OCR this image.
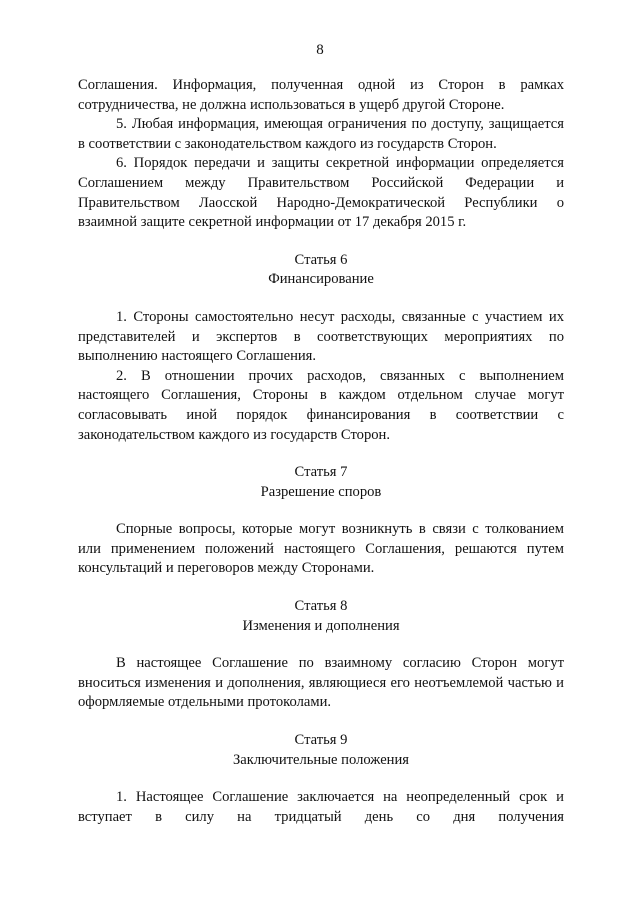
8

Соглашения. Информация, полученная одной из Сторон в рамках сотрудничества, не должна использоваться в ущерб другой Стороне.

5. Любая информация, имеющая ограничения по доступу, защищается в соответствии с законодательством каждого из государств Сторон.

6. Порядок передачи и защиты секретной информации определяется Соглашением между Правительством Российской Федерации и Правительством Лаосской Народно-Демократической Республики о взаимной защите секретной информации от 17 декабря 2015 г.

Статья 6

Финансирование

1. Стороны самостоятельно несут расходы, связанные с участием их представителей и экспертов в соответствующих мероприятиях по выполнению настоящего Соглашения.

2. В отношении прочих расходов, связанных с выполнением настоящего Соглашения, Стороны в каждом отдельном случае могут согласовывать иной порядок финансирования в соответствии с законодательством каждого из государств Сторон.

Статья 7

Разрешение споров

Спорные вопросы, которые могут возникнуть в связи с толкованием или применением положений настоящего Соглашения, решаются путем консультаций и переговоров между Сторонами.

Статья 8

Изменения и дополнения

В настоящее Соглашение по взаимному согласию Сторон могут вноситься изменения и дополнения, являющиеся его неотъемлемой частью и оформляемые отдельными протоколами.

Статья 9

Заключительные положения

1. Настоящее Соглашение заключается на неопределенный срок и вступает в силу на тридцатый день со дня получения
